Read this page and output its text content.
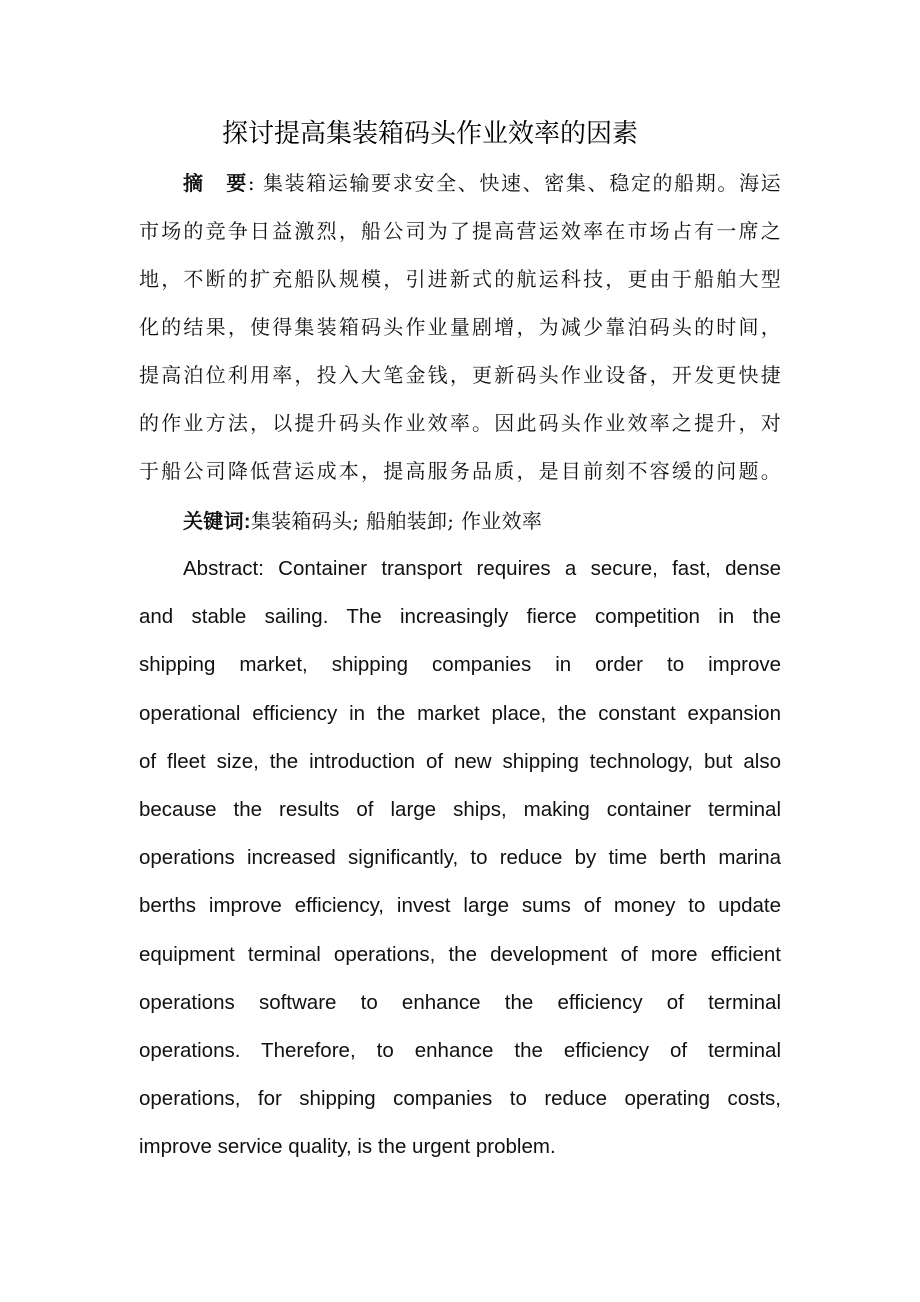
探讨提高集装箱码头作业效率的因素
摘　要: 集装箱运输要求安全、快速、密集、稳定的船期。海运
市场的竞争日益激烈，船公司为了提高营运效率在市场占有一席之
地，不断的扩充船队规模，引进新式的航运科技，更由于船舶大型
化的结果，使得集装箱码头作业量剧增，为减少靠泊码头的时间，
提高泊位利用率，投入大笔金钱，更新码头作业设备，开发更快捷
的作业方法，以提升码头作业效率。因此码头作业效率之提升，对
于船公司降低营运成本，提高服务品质，是目前刻不容缓的问题。
关键词:集装箱码头; 船舶装卸; 作业效率
Abstract: Container transport requires a secure, fast, dense
and stable sailing. The increasingly fierce competition in the
shipping market, shipping companies in order to improve
operational efficiency in the market place, the constant expansion
of fleet size, the introduction of new shipping technology, but also
because the results of large ships, making container terminal
operations increased significantly, to reduce by time berth marina
berths improve efficiency, invest large sums of money to update
equipment terminal operations, the development of more efficient
operations software to enhance the efficiency of terminal
operations. Therefore, to enhance the efficiency of terminal
operations, for shipping companies to reduce operating costs,
improve service quality, is the urgent problem.
